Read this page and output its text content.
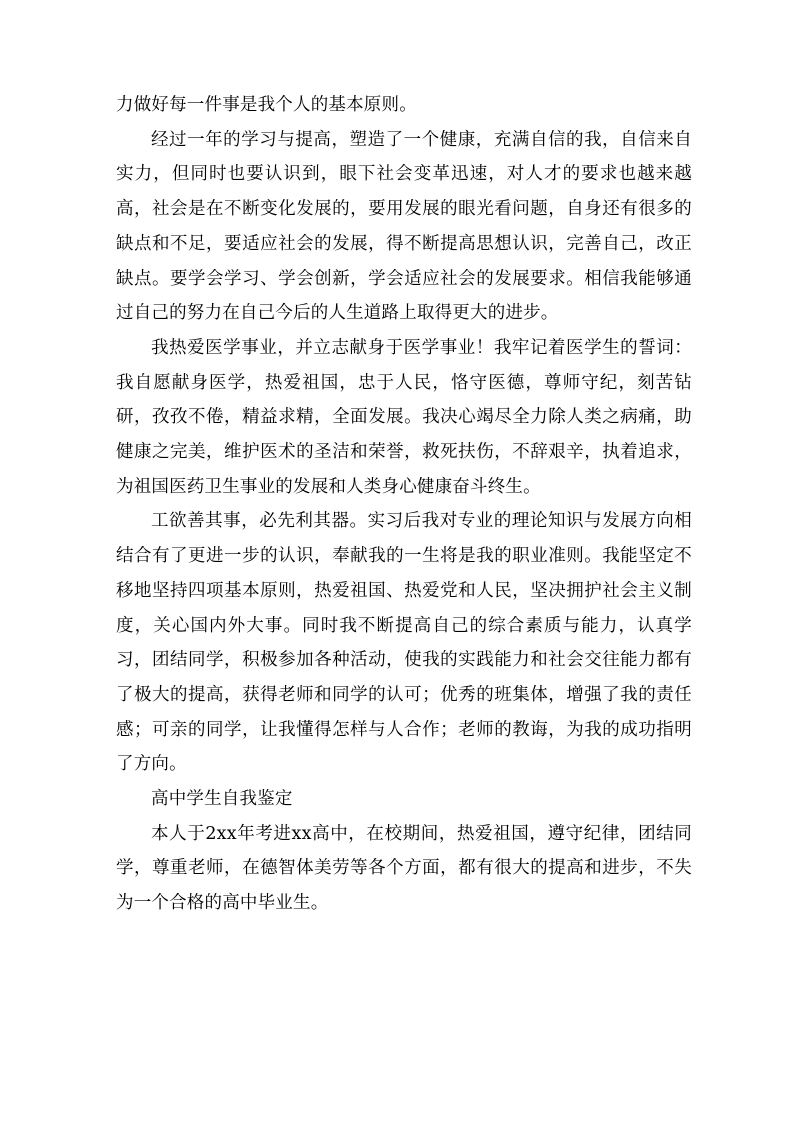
力做好每一件事是我个人的基本原则。

经过一年的学习与提高，塑造了一个健康，充满自信的我，自信来自实力，但同时也要认识到，眼下社会变革迅速，对人才的要求也越来越高，社会是在不断变化发展的，要用发展的眼光看问题，自身还有很多的缺点和不足，要适应社会的发展，得不断提高思想认识，完善自己，改正缺点。要学会学习、学会创新，学会适应社会的发展要求。相信我能够通过自己的努力在自己今后的人生道路上取得更大的进步。

我热爱医学事业，并立志献身于医学事业！我牢记着医学生的誓词：我自愿献身医学，热爱祖国，忠于人民，恪守医德，尊师守纪，刻苦钻研，孜孜不倦，精益求精，全面发展。我决心竭尽全力除人类之病痛，助健康之完美，维护医术的圣洁和荣誉，救死扶伤，不辞艰辛，执着追求，为祖国医药卫生事业的发展和人类身心健康奋斗终生。

工欲善其事，必先利其器。实习后我对专业的理论知识与发展方向相结合有了更进一步的认识，奉献我的一生将是我的职业准则。我能坚定不移地坚持四项基本原则，热爱祖国、热爱党和人民，坚决拥护社会主义制度，关心国内外大事。同时我不断提高自己的综合素质与能力，认真学习，团结同学，积极参加各种活动，使我的实践能力和社会交往能力都有了极大的提高，获得老师和同学的认可；优秀的班集体，增强了我的责任感；可亲的同学，让我懂得怎样与人合作；老师的教诲，为我的成功指明了方向。

高中学生自我鉴定

本人于2xx年考进xx高中，在校期间，热爱祖国，遵守纪律，团结同学，尊重老师，在德智体美劳等各个方面，都有很大的提高和进步，不失为一个合格的高中毕业生。
